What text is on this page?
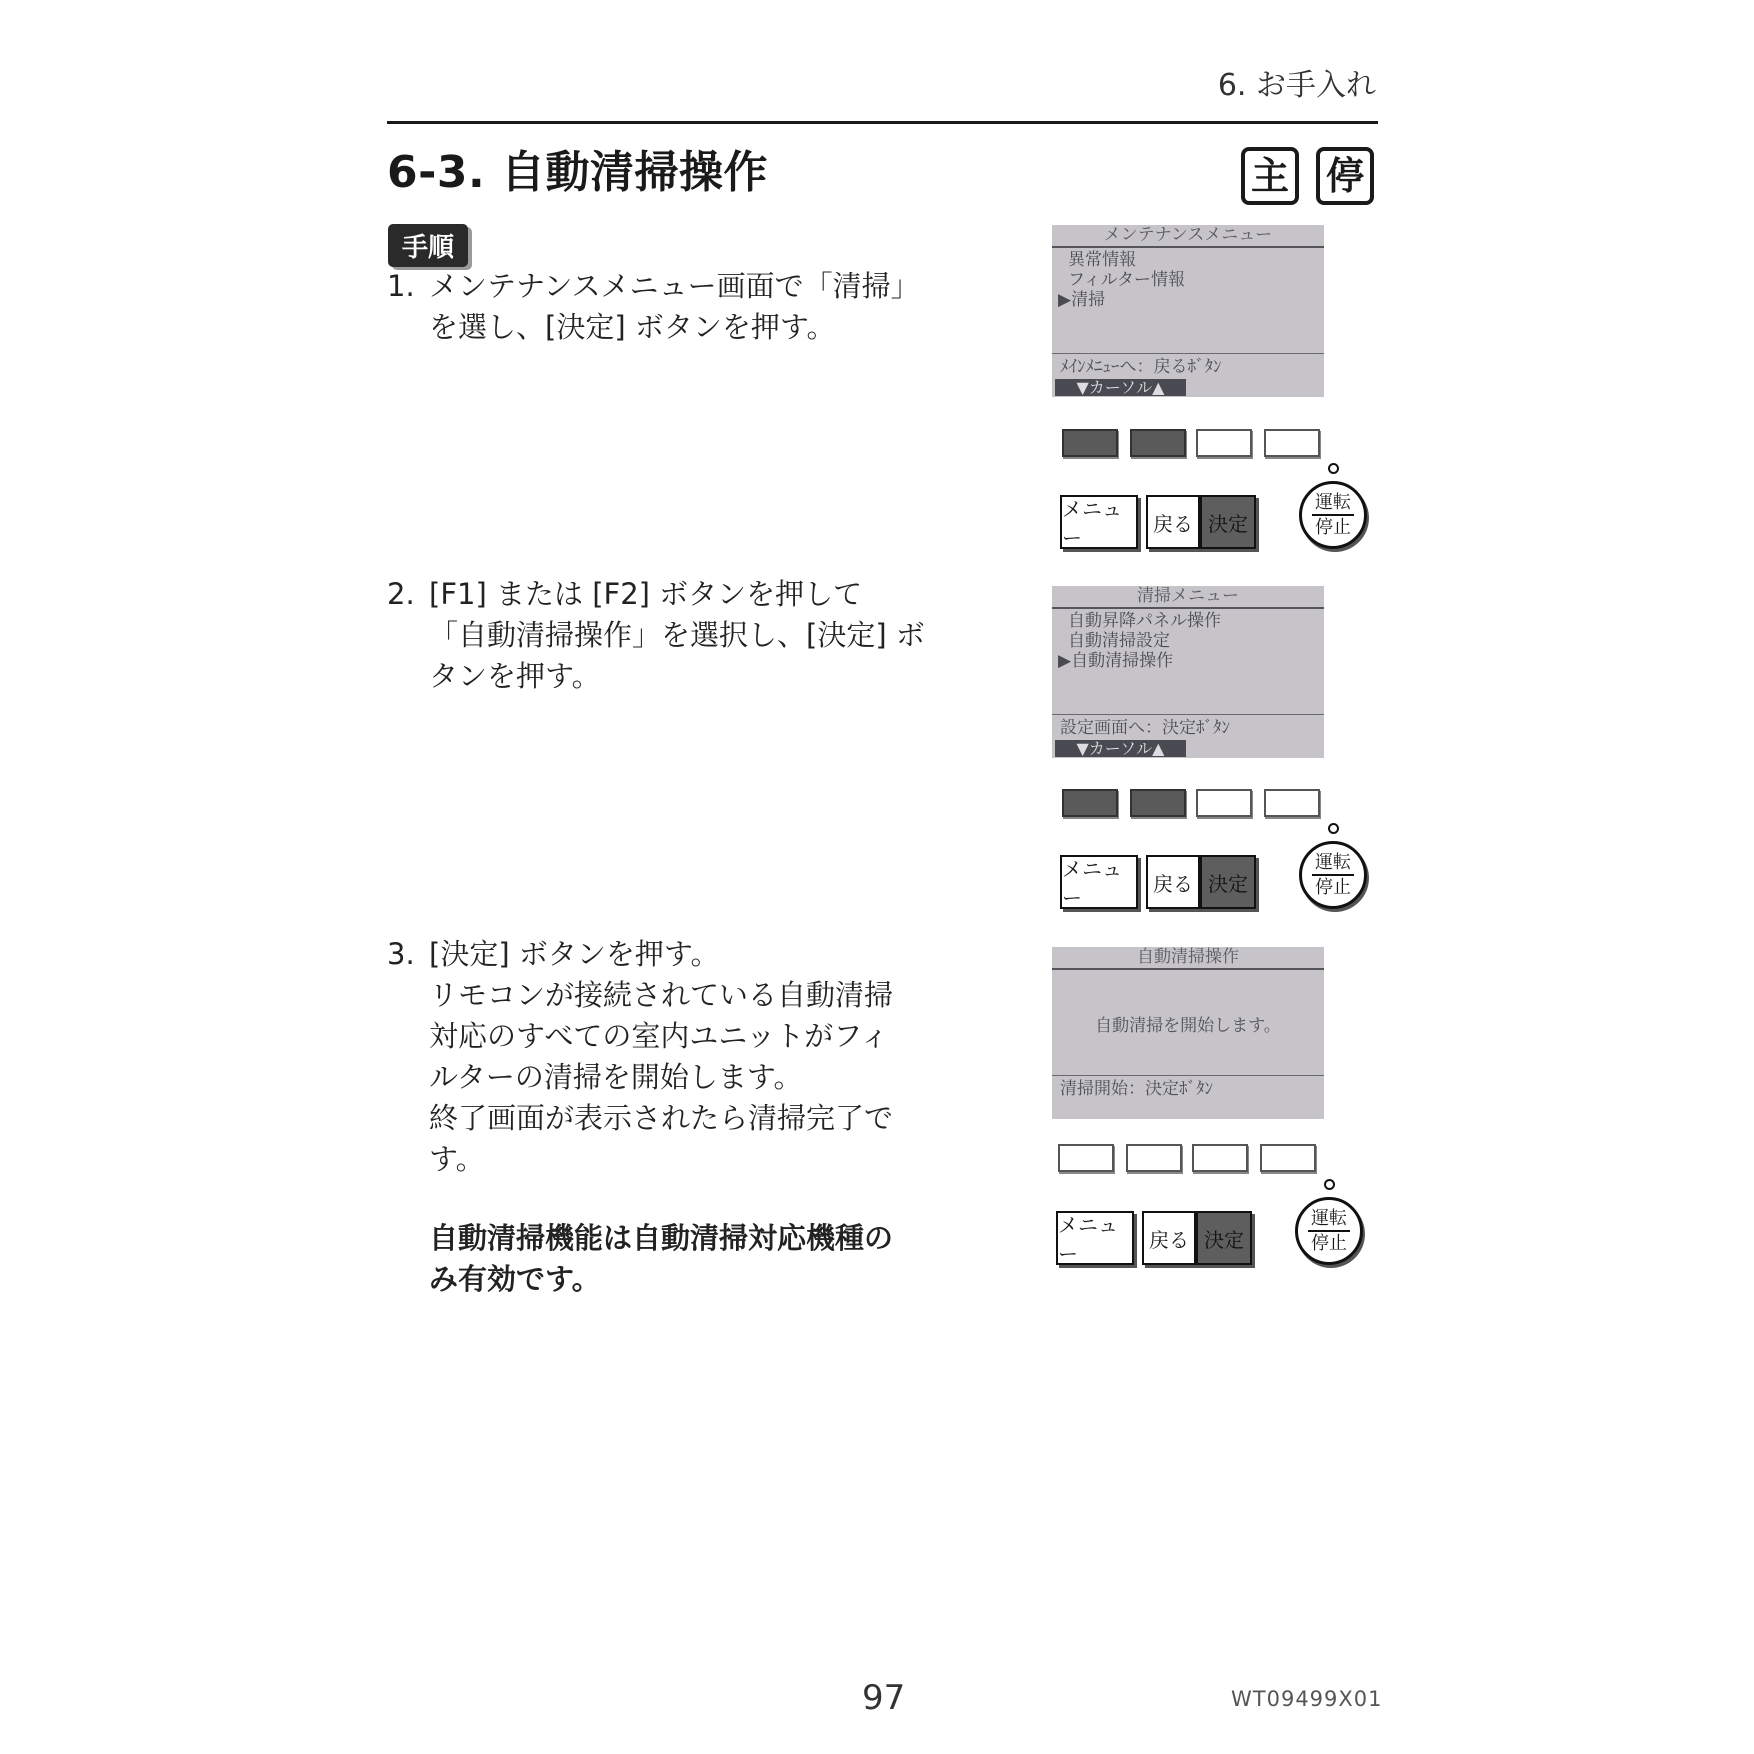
6. お手入れ
6-3. 自動清掃操作	主 停
手順
1. メンテナンスメニュー画面で「清掃」
を選し、[決定] ボタンを押す。
2. [F1] または [F2] ボタンを押して
「自動清掃操作」を選択し、[決定] ボ
タンを押す。
3. [決定] ボタンを押す。
リモコンが接続されている自動清掃
対応のすべての室内ユニットがフィ
ルターの清掃を開始します。
終了画面が表示されたら清掃完了で
す。
自動清掃機能は自動清掃対応機種の
み有効です。
メンテナンスメニュー
異常情報
フィルター情報
▶清掃
ﾒｲﾝﾒﾆｭｰへ：戻るﾎﾞﾀﾝ
▼カーソル▲
メニュー
戻る 決定
運転
停止
清掃メニュー
自動昇降パネル操作
自動清掃設定
▶自動清掃操作
設定画面へ：決定ﾎﾞﾀﾝ
▼カーソル▲
メニュー
戻る 決定
運転
停止
自動清掃操作
自動清掃を開始します。
清掃開始：決定ﾎﾞﾀﾝ
メニュー
戻る 決定
運転
停止
97	WT09499X01
